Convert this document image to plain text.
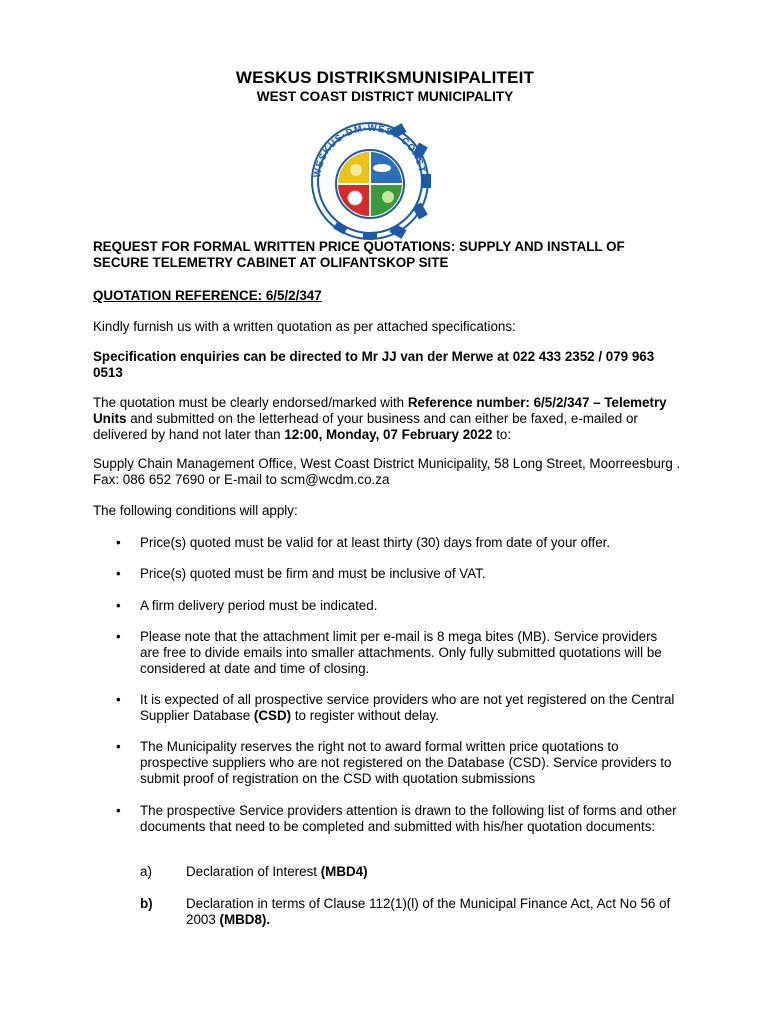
WESKUS DISTRIKSMUNISIPALITEIT
WEST COAST DISTRICT MUNICIPALITY
WESKUS·DM·WEST COAST
REQUEST FOR FORMAL WRITTEN PRICE QUOTATIONS: SUPPLY AND INSTALL OF SECURE TELEMETRY CABINET AT OLIFANTSKOP SITE
QUOTATION REFERENCE: 6/5/2/347
Kindly furnish us with a written quotation as per attached specifications:
Specification enquiries can be directed to Mr JJ van der Merwe at 022 433 2352 / 079 963 0513
The quotation must be clearly endorsed/marked with Reference number: 6/5/2/347 – Telemetry Units and submitted on the letterhead of your business and can either be faxed, e-mailed or delivered by hand not later than 12:00, Monday, 07 February 2022 to:
Supply Chain Management Office, West Coast District Municipality, 58 Long Street, Moorreesburg . Fax: 086 652 7690 or E-mail to scm@wcdm.co.za
The following conditions will apply:
• Price(s) quoted must be valid for at least thirty (30) days from date of your offer.
• Price(s) quoted must be firm and must be inclusive of VAT.
• A firm delivery period must be indicated.
• Please note that the attachment limit per e-mail is 8 mega bites (MB). Service providers are free to divide emails into smaller attachments. Only fully submitted quotations will be considered at date and time of closing.
• It is expected of all prospective service providers who are not yet registered on the Central Supplier Database (CSD) to register without delay.
• The Municipality reserves the right not to award formal written price quotations to prospective suppliers who are not registered on the Database (CSD). Service providers to submit proof of registration on the CSD with quotation submissions
• The prospective Service providers attention is drawn to the following list of forms and other documents that need to be completed and submitted with his/her quotation documents:
a)	Declaration of Interest (MBD4)
b) Declaration in terms of Clause 112(1)(l) of the Municipal Finance Act, Act No 56 of 2003 (MBD8).
